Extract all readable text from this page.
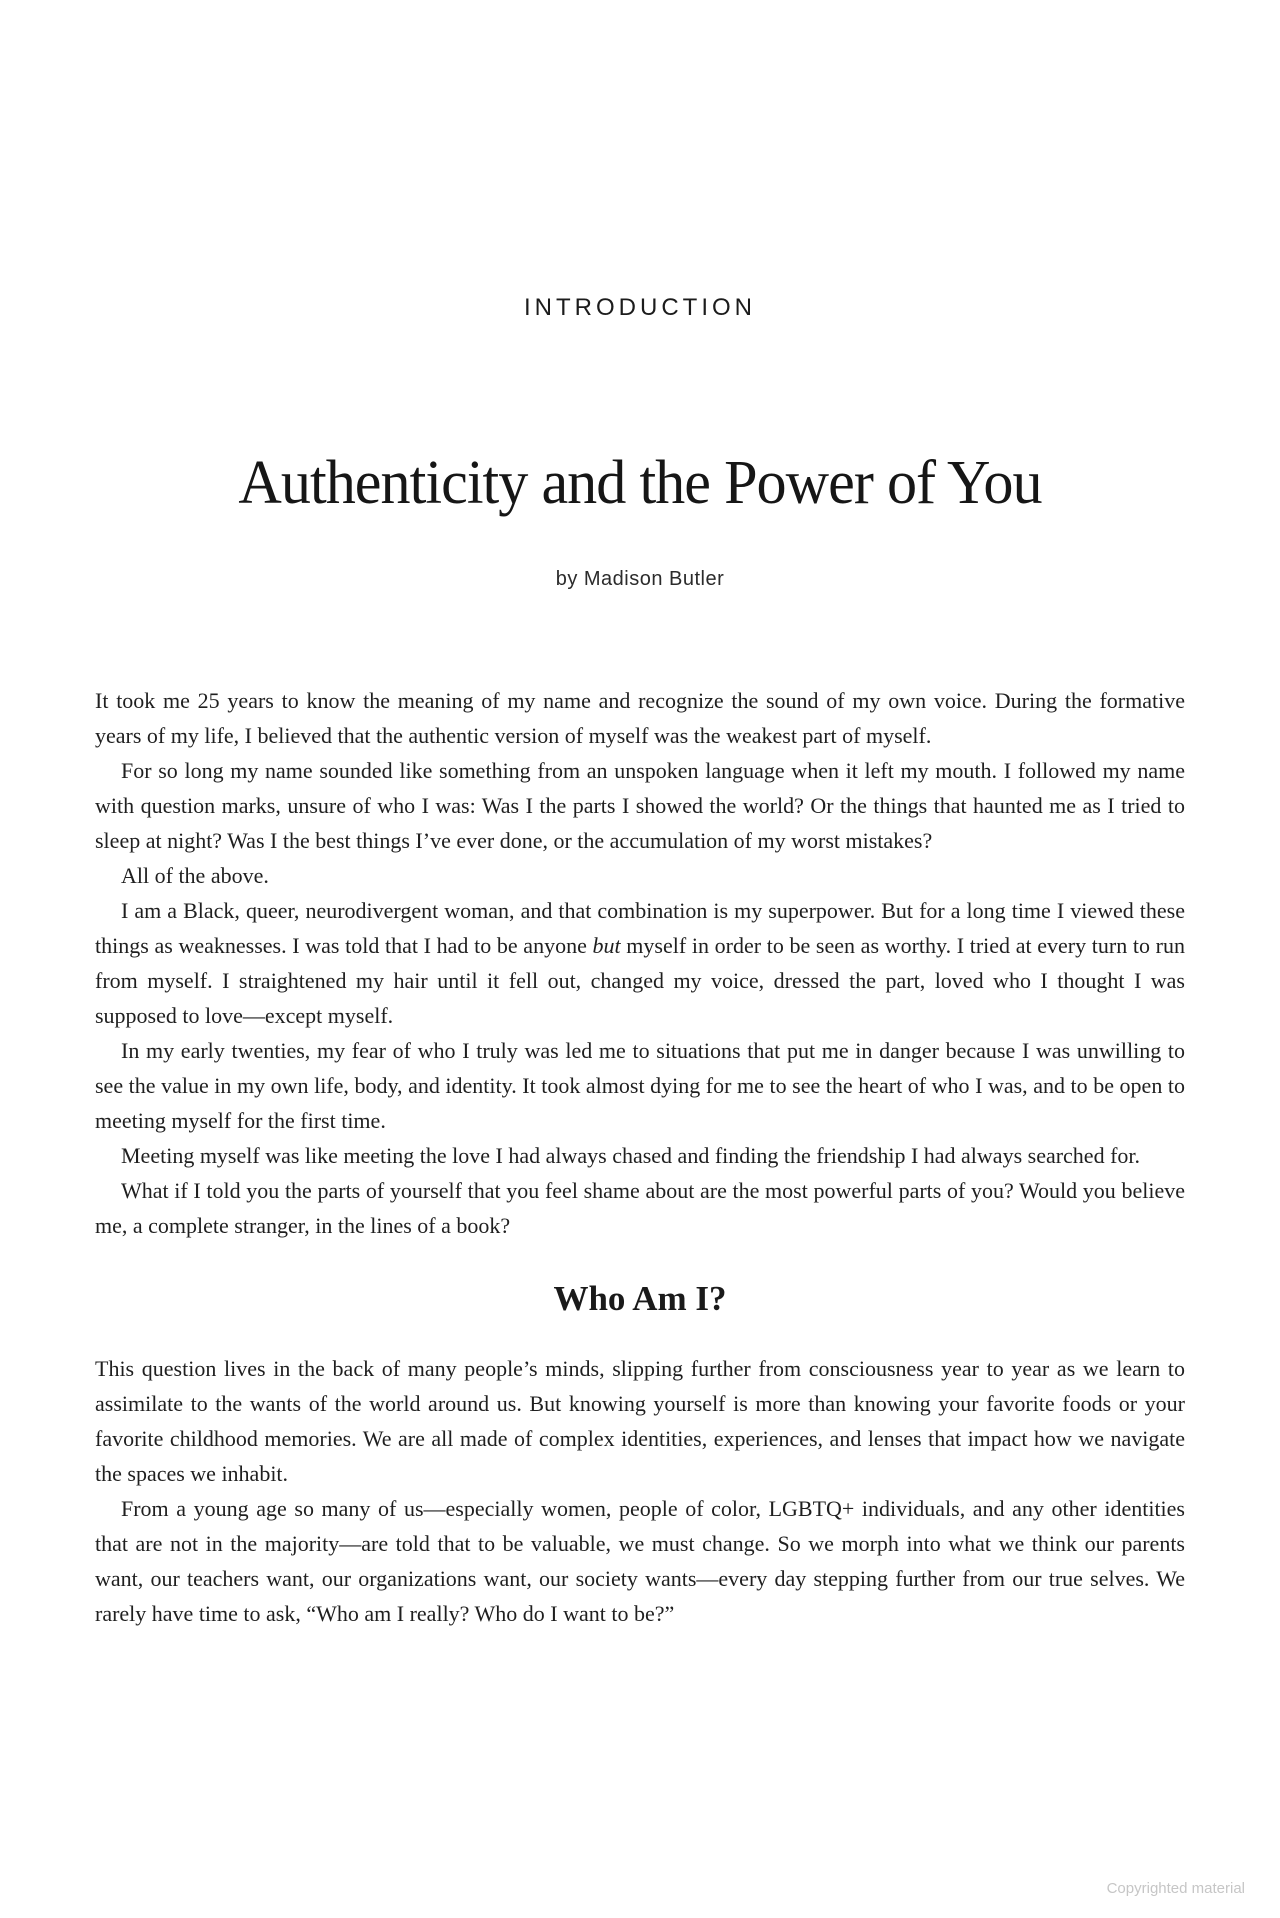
INTRODUCTION
Authenticity and the Power of You
by Madison Butler

It took me 25 years to know the meaning of my name and recognize the sound of my own voice. During the formative years of my life, I believed that the authentic version of myself was the weakest part of myself.

For so long my name sounded like something from an unspoken language when it left my mouth. I followed my name with question marks, unsure of who I was: Was I the parts I showed the world? Or the things that haunted me as I tried to sleep at night? Was I the best things I’ve ever done, or the accumulation of my worst mistakes?

All of the above.

I am a Black, queer, neurodivergent woman, and that combination is my superpower. But for a long time I viewed these things as weaknesses. I was told that I had to be anyone but myself in order to be seen as worthy. I tried at every turn to run from myself. I straightened my hair until it fell out, changed my voice, dressed the part, loved who I thought I was supposed to love—except myself.

In my early twenties, my fear of who I truly was led me to situations that put me in danger because I was unwilling to see the value in my own life, body, and identity. It took almost dying for me to see the heart of who I was, and to be open to meeting myself for the first time.

Meeting myself was like meeting the love I had always chased and finding the friendship I had always searched for.

What if I told you the parts of yourself that you feel shame about are the most powerful parts of you? Would you believe me, a complete stranger, in the lines of a book?

Who Am I?

This question lives in the back of many people’s minds, slipping further from consciousness year to year as we learn to assimilate to the wants of the world around us. But knowing yourself is more than knowing your favorite foods or your favorite childhood memories. We are all made of complex identities, experiences, and lenses that impact how we navigate the spaces we inhabit.

From a young age so many of us—especially women, people of color, LGBTQ+ individuals, and any other identities that are not in the majority—are told that to be valuable, we must change. So we morph into what we think our parents want, our teachers want, our organizations want, our society wants—every day stepping further from our true selves. We rarely have time to ask, “Who am I really? Who do I want to be?”

Copyrighted material
